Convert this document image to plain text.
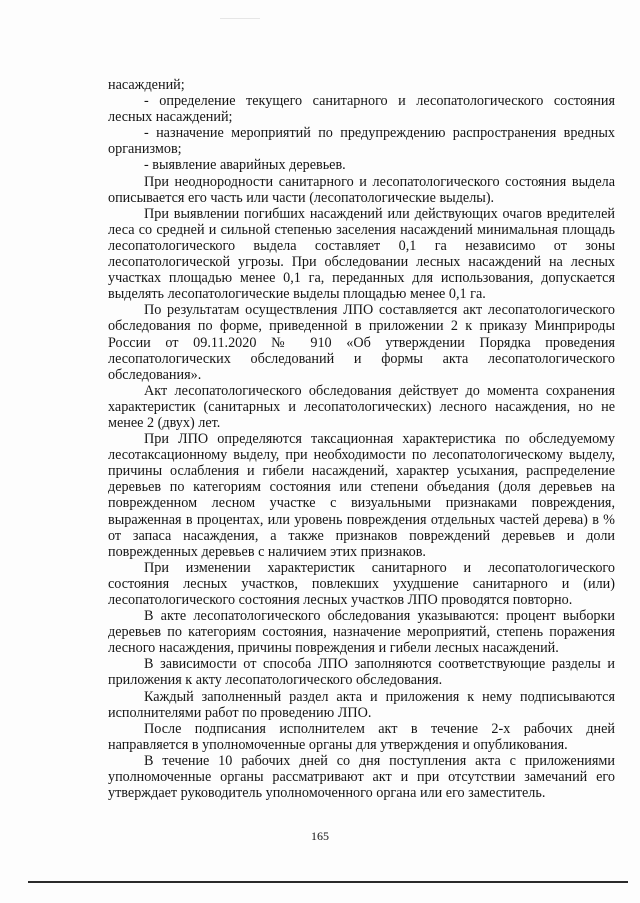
насаждений;
- определение текущего санитарного и лесопатологического состояния
лесных насаждений;
- назначение мероприятий по предупреждению распространения вредных
организмов;
- выявление аварийных деревьев.
При неоднородности санитарного и лесопатологического состояния выдела
описывается его часть или части (лесопатологические выделы).
При выявлении погибших насаждений или действующих очагов вредителей
леса со средней и сильной степенью заселения насаждений минимальная площадь
лесопатологического выдела составляет 0,1 га независимо от зоны
лесопатологической угрозы. При обследовании лесных насаждений на лесных
участках площадью менее 0,1 га, переданных для использования, допускается
выделять лесопатологические выделы площадью менее 0,1 га.
По результатам осуществления ЛПО составляется акт лесопатологического
обследования по форме, приведенной в приложении 2 к приказу Минприроды
России от 09.11.2020 № 910 «Об утверждении Порядка проведения
лесопатологических обследований и формы акта лесопатологического
обследования».
Акт лесопатологического обследования действует до момента сохранения
характеристик (санитарных и лесопатологических) лесного насаждения, но не
менее 2 (двух) лет.
При ЛПО определяются таксационная характеристика по обследуемому
лесотаксационному выделу, при необходимости по лесопатологическому выделу,
причины ослабления и гибели насаждений, характер усыхания, распределение
деревьев по категориям состояния или степени объедания (доля деревьев на
поврежденном лесном участке с визуальными признаками повреждения,
выраженная в процентах, или уровень повреждения отдельных частей дерева) в %
от запаса насаждения, а также признаков повреждений деревьев и доли
поврежденных деревьев с наличием этих признаков.
При изменении характеристик санитарного и лесопатологического
состояния лесных участков, повлекших ухудшение санитарного и (или)
лесопатологического состояния лесных участков ЛПО проводятся повторно.
В акте лесопатологического обследования указываются: процент выборки
деревьев по категориям состояния, назначение мероприятий, степень поражения
лесного насаждения, причины повреждения и гибели лесных насаждений.
В зависимости от способа ЛПО заполняются соответствующие разделы и
приложения к акту лесопатологического обследования.
Каждый заполненный раздел акта и приложения к нему подписываются
исполнителями работ по проведению ЛПО.
После подписания исполнителем акт в течение 2-х рабочих дней
направляется в уполномоченные органы для утверждения и опубликования.
В течение 10 рабочих дней со дня поступления акта с приложениями
уполномоченные органы рассматривают акт и при отсутствии замечаний его
утверждает руководитель уполномоченного органа или его заместитель.
165
